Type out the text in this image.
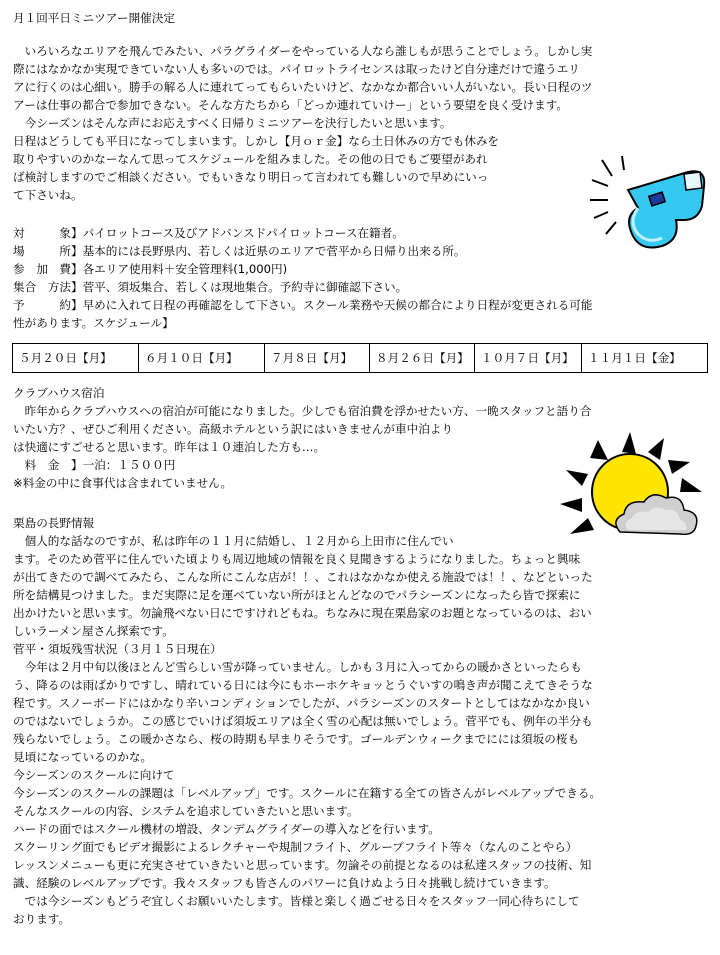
月１回平日ミニツアー開催決定
　いろいろなエリアを飛んでみたい、パラグライダーをやっている人なら誰しもが思うことでしょう。しかし実
際にはなかなか実現できていない人も多いのでは。パイロットライセンスは取ったけど自分達だけで違うエリ
アに行くのは心細い。勝手の解る人に連れてってもらいたいけど、なかなか都合いい人がいない。長い日程のツ
アーは仕事の都合で参加できない。そんな方たちから「どっか連れていけー」という要望を良く受けます。
　今シーズンはそんな声にお応えすべく日帰りミニツアーを決行したいと思います。
日程はどうしても平日になってしまいます。しかし【月ｏｒ金】なら土日休みの方でも休みを
取りやすいのかなーなんて思ってスケジュールを組みました。その他の日でもご要望があれ
ば検討しますのでご相談ください。でもいきなり明日って言われても難しいので早めにいっ
て下さいね。
対　　　象】パイロットコース及びアドバンスドパイロットコース在籍者。
場　　　所】基本的には長野県内、若しくは近県のエリアで菅平から日帰り出来る所。
参　加　費】各エリア使用料＋安全管理料(1,000円)
集合　方法】菅平、須坂集合、若しくは現地集合。予約寺に御確認下さい。
予　　　約】早めに入れて日程の再確認をして下さい。スクール業務や天候の都合により日程が変更される可能
性があります。スケジュール】
５月２０日【月】	６月１０日【月】	７月８日【月】	８月２６日【月】	１０月７日【月】	１１月１日【金】
クラブハウス宿泊
　昨年からクラブハウスへの宿泊が可能になりました。少しでも宿泊費を浮かせたい方、一晩スタッフと語り合
いたい方？、ぜひご利用ください。高級ホテルという訳にはいきませんが車中泊より
は快適にすごせると思います。昨年は１０連泊した方も…。
　料　金　】一泊：１５００円
※料金の中に食事代は含まれていません。
栗島の長野情報
　個人的な話なのですが、私は昨年の１１月に結婚し、１２月から上田市に住んでい
ます。そのため菅平に住んでいた頃よりも周辺地域の情報を良く見聞きするようになりました。ちょっと興味
が出てきたので調べてみたら、こんな所にこんな店が！！、これはなかなか使える施設では！！、などといった
所を結構見つけました。まだ実際に足を運べていない所がほとんどなのでパラシーズンになったら皆で探索に
出かけたいと思います。勿論飛べない日にですけれどもね。ちなみに現在栗島家のお題となっているのは、おい
しいラーメン屋さん探索です。
菅平・須坂残雪状況（３月１５日現在）
　今年は２月中旬以後ほとんど雪らしい雪が降っていません。しかも３月に入ってからの暖かさといったらも
う、降るのは雨ばかりですし、晴れている日には今にもホーホケキョッとうぐいすの鳴き声が聞こえてきそうな
程です。スノーボードにはかなり辛いコンディションでしたが、パラシーズンのスタートとしてはなかなか良い
のではないでしょうか。この感じでいけば須坂エリアは全く雪の心配は無いでしょう。菅平でも、例年の半分も
残らないでしょう。この暖かさなら、桜の時期も早まりそうです。ゴールデンウィークまでにには須坂の桜も
見頃になっているのかな。
今シーズンのスクールに向けて
今シーズンのスクールの課題は「レベルアップ」です。スクールに在籍する全ての皆さんがレベルアップできる。
そんなスクールの内容、システムを追求していきたいと思います。
ハードの面ではスクール機材の増設、タンデムグライダーの導入などを行います。
スクーリング面でもビデオ撮影によるレクチャーや規制フライト、グループフライト等々（なんのことやら）
レッスンメニューも更に充実させていきたいと思っています。勿論その前提となるのは私達スタッフの技術、知
識、経験のレベルアップです。我々スタッフも皆さんのパワーに負けぬよう日々挑戦し続けていきます。
　では今シーズンもどうぞ宜しくお願いいたします。皆様と楽しく過ごせる日々をスタッフ一同心待ちにして
おります。
